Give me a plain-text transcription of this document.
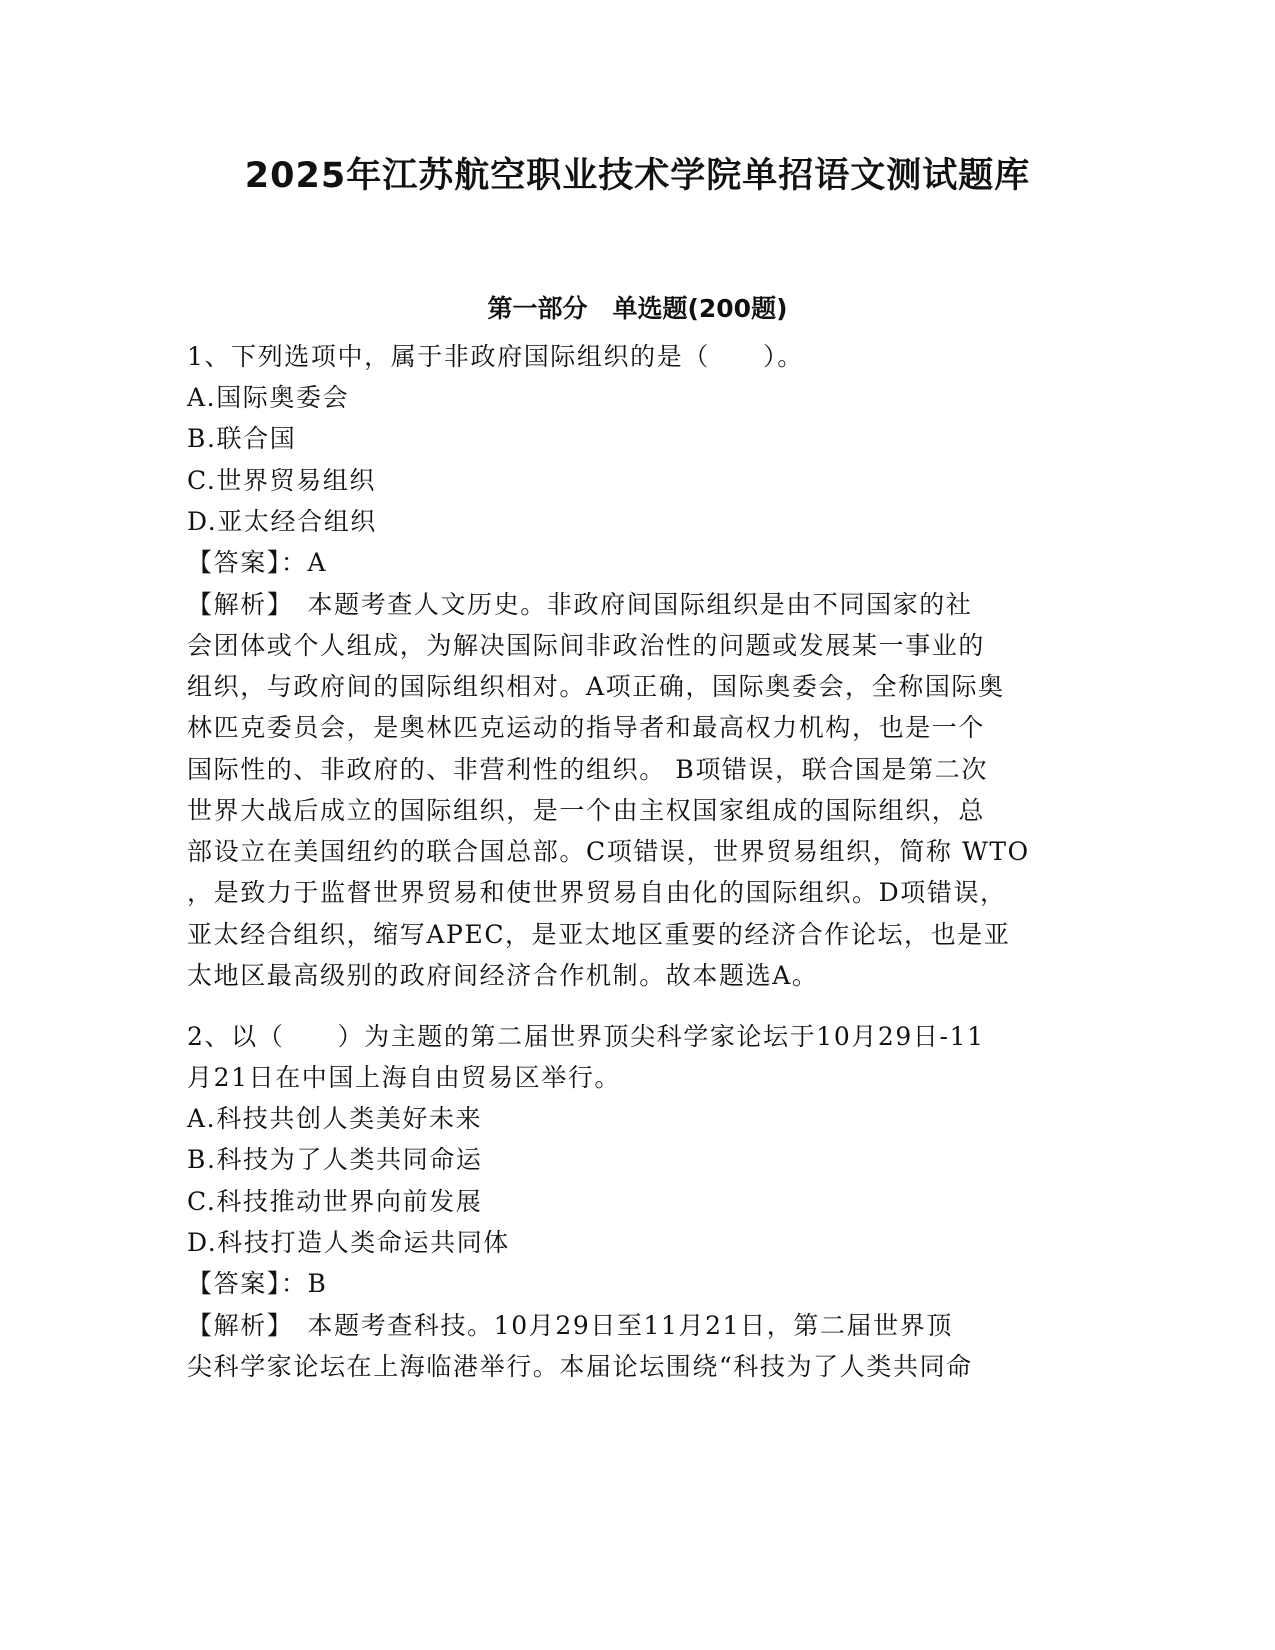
2025年江苏航空职业技术学院单招语文测试题库
第一部分　单选题(200题)
1、下列选项中，属于非政府国际组织的是（　　）。
A.国际奥委会
B.联合国
C.世界贸易组织
D.亚太经合组织
【答案】：A
【解析】　本题考查人文历史。非政府间国际组织是由不同国家的社
会团体或个人组成，为解决国际间非政治性的问题或发展某一事业的
组织，与政府间的国际组织相对。A项正确，国际奥委会，全称国际奥
林匹克委员会，是奥林匹克运动的指导者和最高权力机构，也是一个
国际性的、非政府的、非营利性的组织。 B项错误，联合国是第二次
世界大战后成立的国际组织，是一个由主权国家组成的国际组织，总
部设立在美国纽约的联合国总部。C项错误，世界贸易组织，简称 WTO
，是致力于监督世界贸易和使世界贸易自由化的国际组织。D项错误，
亚太经合组织，缩写APEC，是亚太地区重要的经济合作论坛，也是亚
太地区最高级别的政府间经济合作机制。故本题选A。
2、以（　　）为主题的第二届世界顶尖科学家论坛于10月29日-11
月21日在中国上海自由贸易区举行。
A.科技共创人类美好未来
B.科技为了人类共同命运
C.科技推动世界向前发展
D.科技打造人类命运共同体
【答案】：B
【解析】　本题考查科技。10月29日至11月21日，第二届世界顶
尖科学家论坛在上海临港举行。本届论坛围绕“科技为了人类共同命
